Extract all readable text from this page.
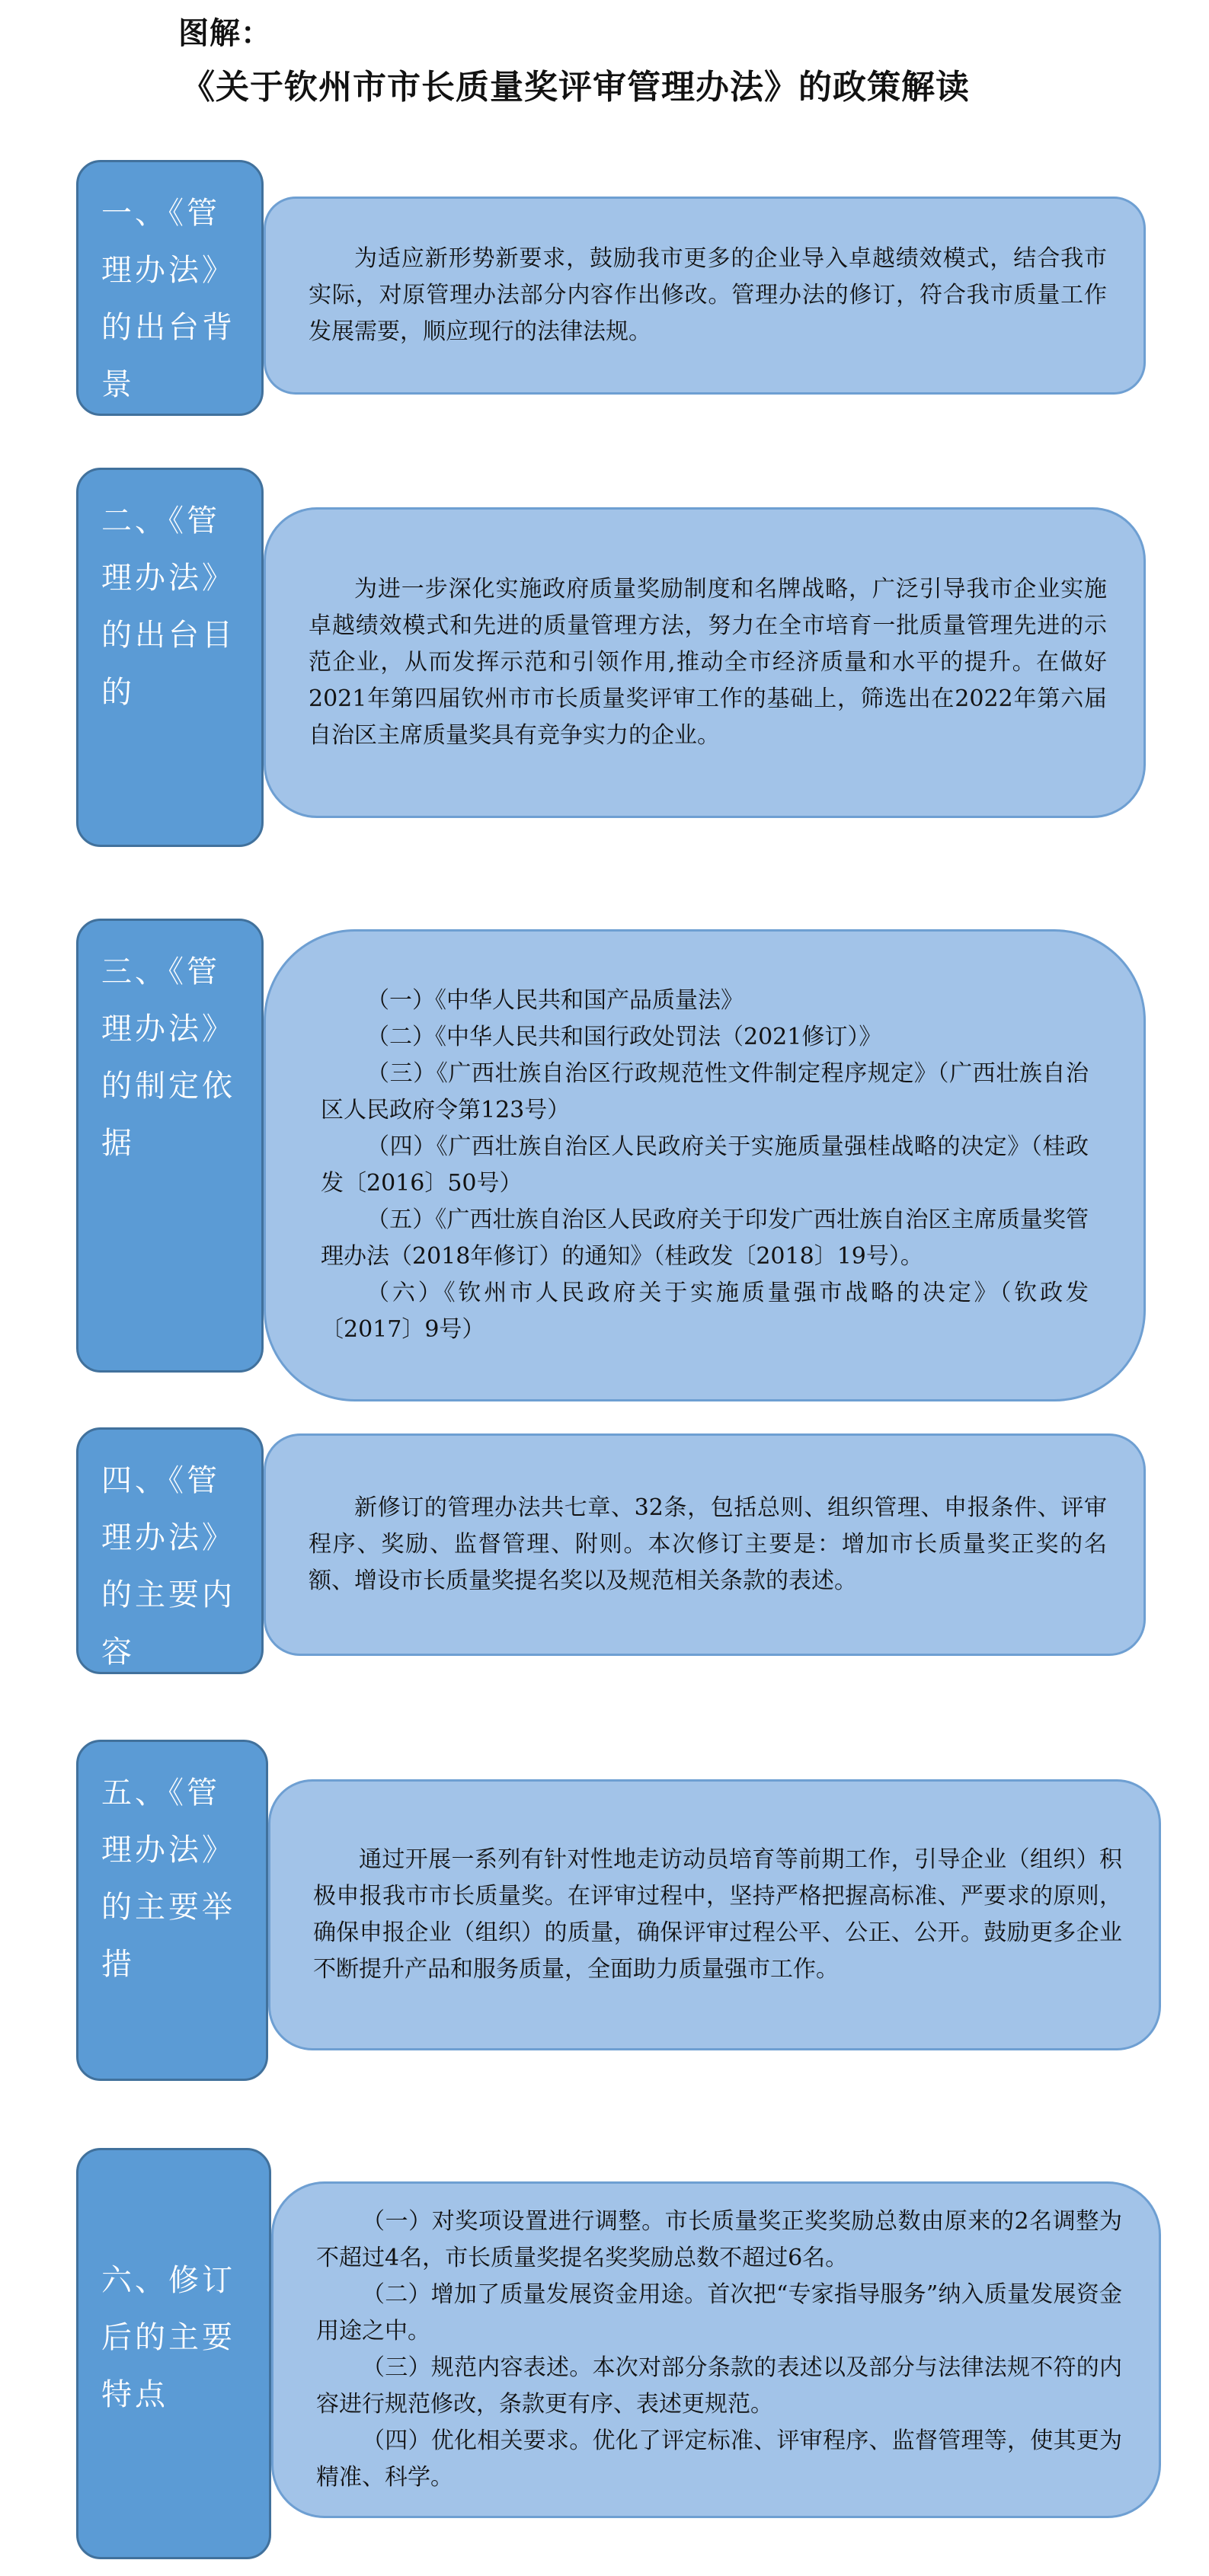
图解：
《关于钦州市市长质量奖评审管理办法》的政策解读

为适应新形势新要求，鼓励我市更多的企业导入卓越绩效模式，结合我市实际，对原管理办法部分内容作出修改。管理办法的修订，符合我市质量工作发展需要，顺应现行的法律法规。

一、《管理办法》的出台背景

为进一步深化实施政府质量奖励制度和名牌战略，广泛引导我市企业实施卓越绩效模式和先进的质量管理方法，努力在全市培育一批质量管理先进的示范企业，从而发挥示范和引领作用,推动全市经济质量和水平的提升。在做好2021年第四届钦州市市长质量奖评审工作的基础上，筛选出在2022年第六届自治区主席质量奖具有竞争实力的企业。

二、《管理办法》的出台目的

（一）《中华人民共和国产品质量法》

（二）《中华人民共和国行政处罚法（2021修订）》

（三）《广西壮族自治区行政规范性文件制定程序规定》（广西壮族自治区人民政府令第123号）

（四）《广西壮族自治区人民政府关于实施质量强桂战略的决定》（桂政发〔2016〕50号）

（五）《广西壮族自治区人民政府关于印发广西壮族自治区主席质量奖管理办法（2018年修订）的通知》（桂政发〔2018〕19号）。

（六）《钦州市人民政府关于实施质量强市战略的决定》（钦政发〔2017〕9号）

三、《管理办法》的制定依据

新修订的管理办法共七章、32条，包括总则、组织管理、申报条件、评审程序、奖励、监督管理、附则。本次修订主要是：增加市长质量奖正奖的名额、增设市长质量奖提名奖以及规范相关条款的表述。

四、《管理办法》的主要内容

通过开展一系列有针对性地走访动员培育等前期工作，引导企业（组织）积极申报我市市长质量奖。在评审过程中，坚持严格把握高标准、严要求的原则，确保申报企业（组织）的质量，确保评审过程公平、公正、公开。鼓励更多企业不断提升产品和服务质量，全面助力质量强市工作。

五、《管理办法》的主要举措

（一）对奖项设置进行调整。市长质量奖正奖奖励总数由原来的2名调整为不超过4名，市长质量奖提名奖奖励总数不超过6名。

（二）增加了质量发展资金用途。首次把“专家指导服务”纳入质量发展资金用途之中。

（三）规范内容表述。本次对部分条款的表述以及部分与法律法规不符的内容进行规范修改，条款更有序、表述更规范。

（四）优化相关要求。优化了评定标准、评审程序、监督管理等，使其更为精准、科学。

六、修订后的主要特点
